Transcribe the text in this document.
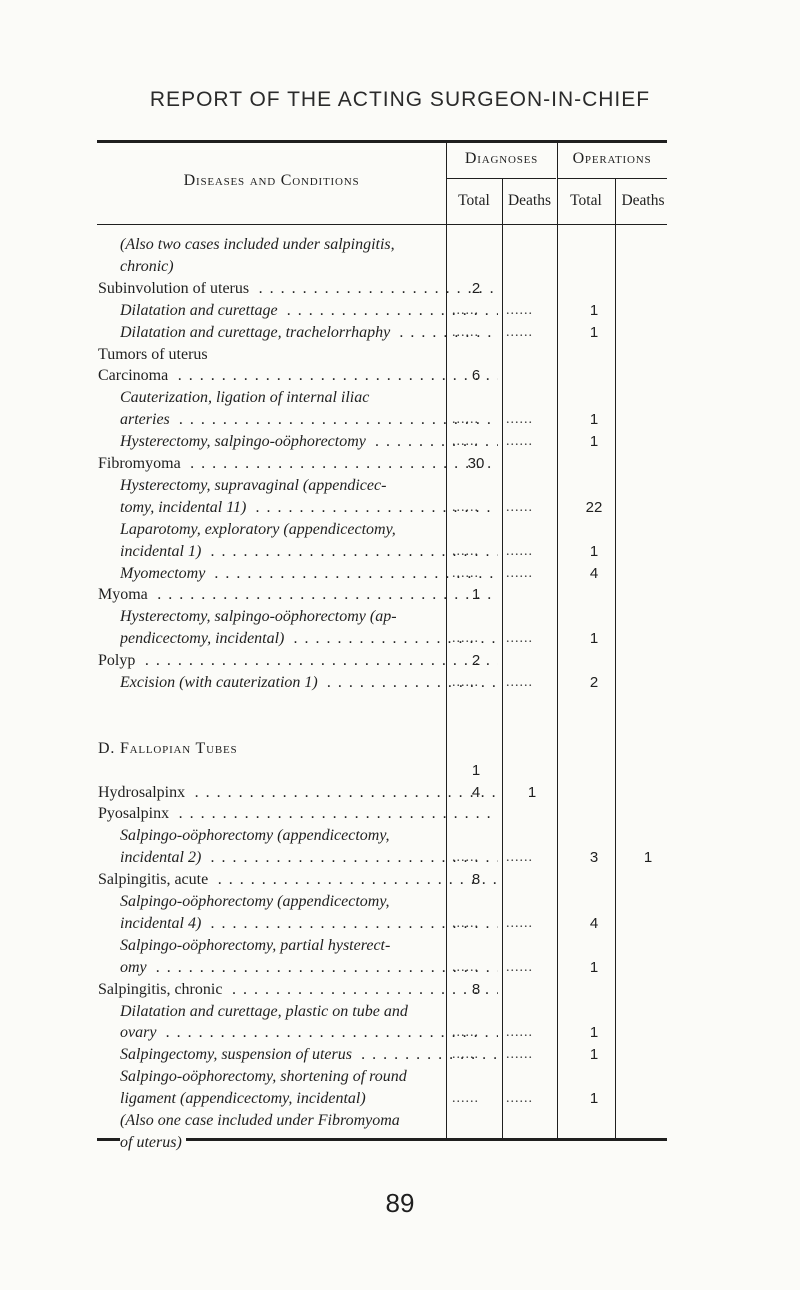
REPORT OF THE ACTING SURGEON-IN-CHIEF
Diseases and Conditions
Diagnoses	Operations
Total	Deaths	Total	Deaths
(Also two cases included under salpingitis,
chronic)
Subinvolution of uterus . . .	2
Dilatation and curettage . . .	......	......	1
Dilatation and curettage, trachelorrhaphy . . .	......	......	1
Tumors of uterus
Carcinoma . . .	6
Cauterization, ligation of internal iliac
arteries . . .	......	......	1
Hysterectomy, salpingo-oöphorectomy . . .	......	......	1
Fibromyoma . . .	30
Hysterectomy, supravaginal (appendicec-
tomy, incidental 11) . . .	......	......	22
Laparotomy, exploratory (appendicectomy,
incidental 1) . . .	......	......	1
Myomectomy . . .	......	......	4
Myoma . . .	1
Hysterectomy, salpingo-oöphorectomy (ap-
pendicectomy, incidental) . . .	......	......	1
Polyp . . .	2
Excision (with cauterization 1) . . .	......	......	2
D. Fallopian Tubes
1
Hydrosalpinx . . .	4	1
Pyosalpinx . . .
Salpingo-oöphorectomy (appendicectomy,
incidental 2) . . .	......	......	3	1
Salpingitis, acute . . .	8
Salpingo-oöphorectomy (appendicectomy,
incidental 4) . . .	......	......	4
Salpingo-oöphorectomy, partial hysterect-
omy . . .	......	......	1
Salpingitis, chronic . . .	8
Dilatation and curettage, plastic on tube and
ovary . . .	......	......	1
Salpingectomy, suspension of uterus . . .	......	......	1
Salpingo-oöphorectomy, shortening of round
ligament (appendicectomy, incidental)	......	......	1
(Also one case included under Fibromyoma
of uterus)
89
